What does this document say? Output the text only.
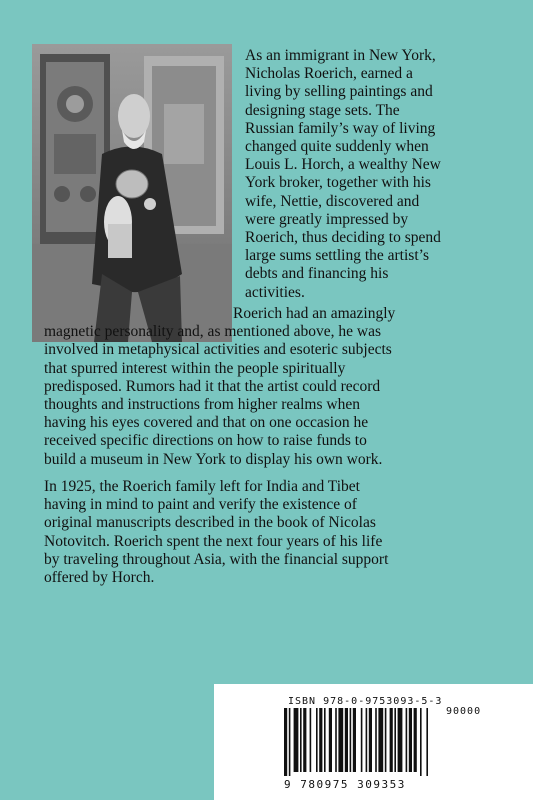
As an immigrant in New York,
Nicholas Roerich, earned a
living by selling paintings and
designing stage sets. The
Russian family’s way of living
changed quite suddenly when
Louis L. Horch, a wealthy New
York broker, together with his
wife, Nettie, discovered and
were greatly impressed by
Roerich, thus deciding to spend
large sums settling the artist’s
debts and financing his
activities.

Roerich had an amazingly
magnetic personality and, as mentioned above, he was
involved in metaphysical activities and esoteric subjects
that spurred interest within the people spiritually
predisposed. Rumors had it that the artist could record
thoughts and instructions from higher realms when
having his eyes covered and that on one occasion he
received specific directions on how to raise funds to
build a museum in New York to display his own work.

In 1925, the Roerich family left for India and Tibet
having in mind to paint and verify the existence of
original manuscripts described in the book of Nicolas
Notovitch. Roerich spent the next four years of his life
by traveling throughout Asia, with the financial support
offered by Horch.

ISBN 978-0-9753093-5-3
90000
9 780975 309353
